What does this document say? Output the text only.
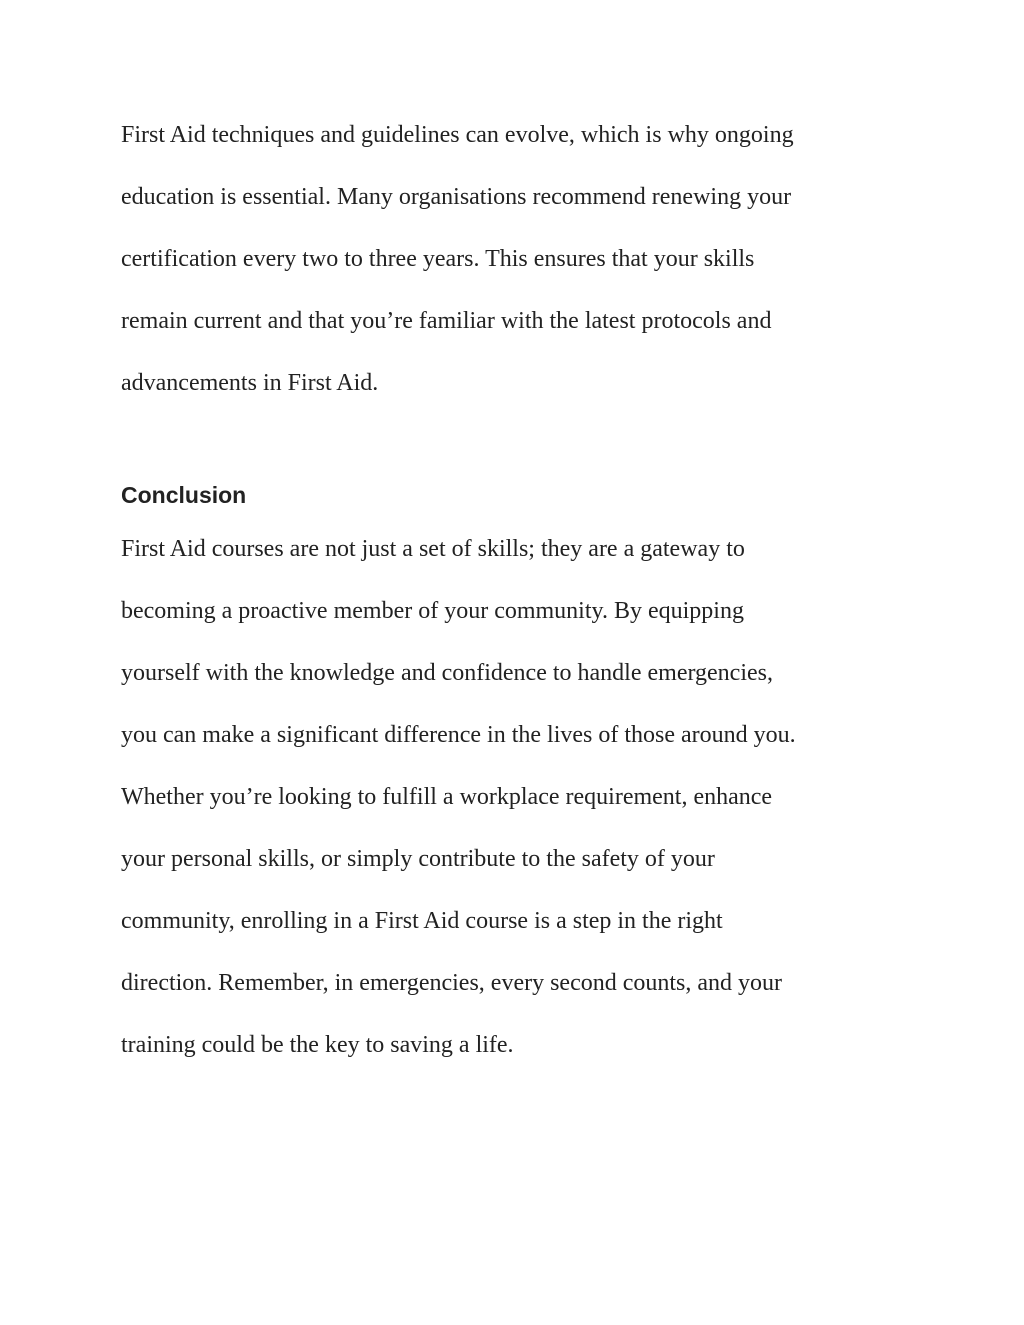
First Aid techniques and guidelines can evolve, which is why ongoing

education is essential. Many organisations recommend renewing your

certification every two to three years. This ensures that your skills

remain current and that you’re familiar with the latest protocols and

advancements in First Aid.

Conclusion

First Aid courses are not just a set of skills; they are a gateway to

becoming a proactive member of your community. By equipping

yourself with the knowledge and confidence to handle emergencies,

you can make a significant difference in the lives of those around you.

Whether you’re looking to fulfill a workplace requirement, enhance

your personal skills, or simply contribute to the safety of your

community, enrolling in a First Aid course is a step in the right

direction. Remember, in emergencies, every second counts, and your

training could be the key to saving a life.
